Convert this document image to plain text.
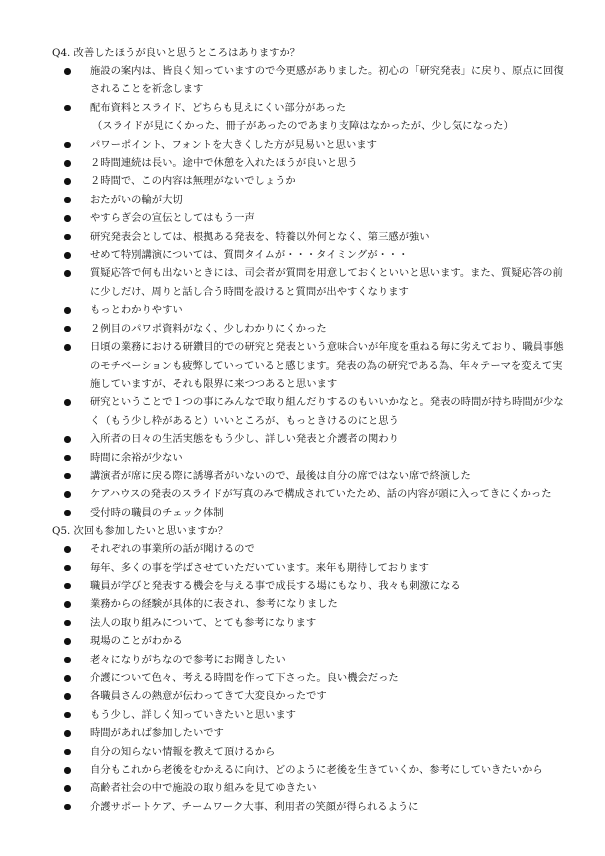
Q4. 改善したほうが良いと思うところはありますか？
施設の案内は、皆良く知っていますので今更感がありました。初心の「研究発表」に戻り、原点に回復
されることを祈念します
配布資料とスライド、どちらも見えにくい部分があった
（スライドが見にくかった、冊子があったのであまり支障はなかったが、少し気になった）
パワーポイント、フォントを大きくした方が見易いと思います
２時間連続は長い。途中で休憩を入れたほうが良いと思う
２時間で、この内容は無理がないでしょうか
おたがいの輪が大切
やすらぎ会の宣伝としてはもう一声
研究発表会としては、根拠ある発表を、特養以外何となく、第三感が強い
せめて特別講演については、質問タイムが・・・タイミングが・・・
質疑応答で何も出ないときには、司会者が質問を用意しておくといいと思います。また、質疑応答の前
に少しだけ、周りと話し合う時間を設けると質問が出やすくなります
もっとわかりやすい
２例目のパワポ資料がなく、少しわかりにくかった
日頃の業務における研鑽目的での研究と発表という意味合いが年度を重ねる毎に劣えており、職員事態
のモチベーションも疲弊していっていると感じます。発表の為の研究である為、年々テーマを変えて実
施していますが、それも限界に来つつあると思います
研究ということで１つの事にみんなで取り組んだりするのもいいかなと。発表の時間が持ち時間が少な
く（もう少し枠があると）いいところが、もっときけるのにと思う
入所者の日々の生活実態をもう少し、詳しい発表と介護者の関わり
時間に余裕が少ない
講演者が席に戻る際に誘導者がいないので、最後は自分の席ではない席で終演した
ケアハウスの発表のスライドが写真のみで構成されていたため、話の内容が頭に入ってきにくかった
受付時の職員のチェック体制
Q5. 次回も参加したいと思いますか？
それぞれの事業所の話が聞けるので
毎年、多くの事を学ばさせていただいています。来年も期待しております
職員が学びと発表する機会を与える事で成長する場にもなり、我々も刺激になる
業務からの経験が具体的に表され、参考になりました
法人の取り組みについて、とても参考になります
現場のことがわかる
老々になりがちなので参考にお聞きしたい
介護について色々、考える時間を作って下さった。良い機会だった
各職員さんの熱意が伝わってきて大変良かったです
もう少し、詳しく知っていきたいと思います
時間があれば参加したいです
自分の知らない情報を教えて頂けるから
自分もこれから老後をむかえるに向け、どのように老後を生きていくか、参考にしていきたいから
高齢者社会の中で施設の取り組みを見てゆきたい
介護サポートケア、チームワーク大事、利用者の笑顔が得られるように
